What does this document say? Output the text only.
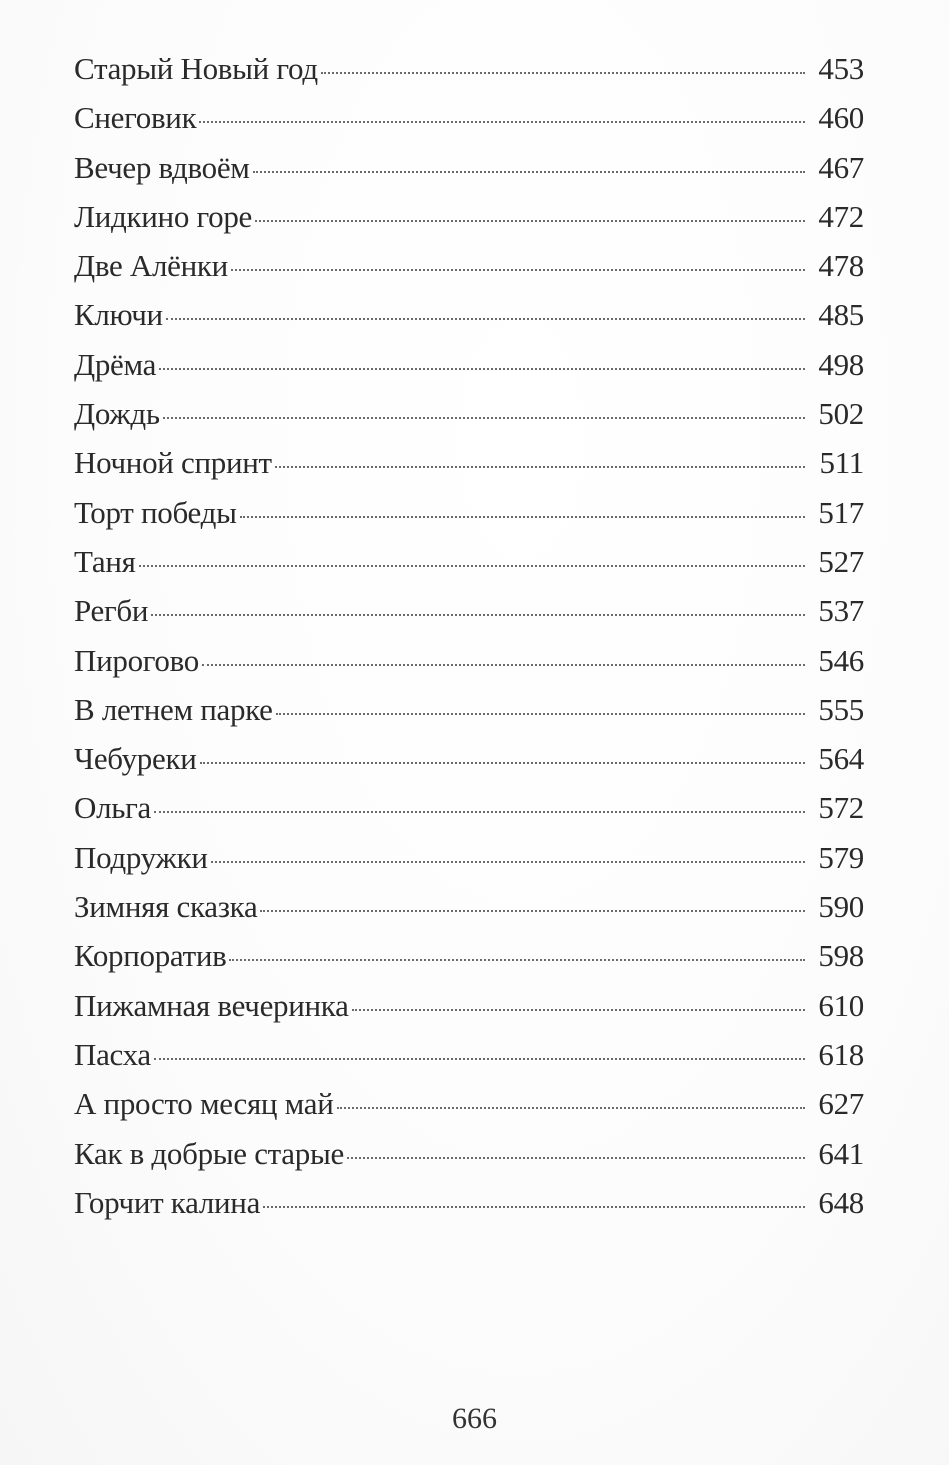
Старый Новый год	453
Снеговик	460
Вечер вдвоём	467
Лидкино горе	472
Две Алёнки	478
Ключи	485
Дрёма	498
Дождь	502
Ночной спринт	511
Торт победы	517
Таня	527
Регби	537
Пирогово	546
В летнем парке	555
Чебуреки	564
Ольга	572
Подружки	579
Зимняя сказка	590
Корпоратив	598
Пижамная вечеринка	610
Пасха	618
А просто месяц май	627
Как в добрые старые	641
Горчит калина	648
666
